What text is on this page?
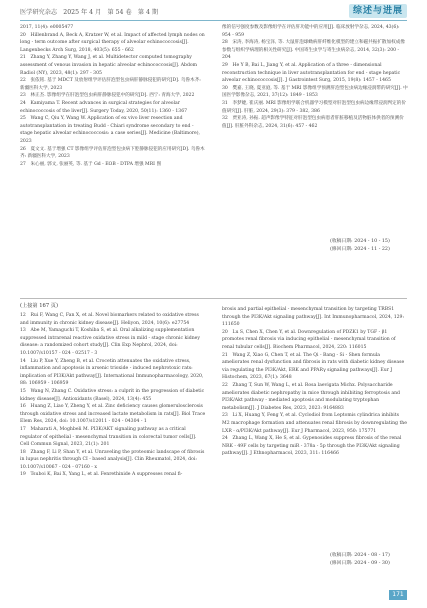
医学研究杂志　2025 年 4 月　第 54 卷　第 4 期	综述与进展

2017, 11(4): e0005477

20　Hillenbrand A, Beck A, Kratzer W, et al. Impact of affected lymph nodes on long - term outcome after surgical therapy of alveolar echinococcosis[J]. Langenbecks Arch Surg, 2018, 403(5): 655 - 662

21　Zhang Y, Zhang Y, Wang J, et al. Multidetector computed tomography assessment of venous invasion in hepatic alveolar echinococcosis[J]. Abdom Radiol (NY), 2023, 48(1): 297 - 305

22　张依铭. 基于 MDCT 及放射组学评估肝泡型包虫病肝静脉侵犯的研究[D]. 乌鲁木齐: 新疆医科大学, 2023

23　林正杰. 影像组学在肝泡型包虫病肝静脉侵犯中的研究[D]. 西宁: 青海大学, 2022

24　Kamiyama T. Recent advances in surgical strategies for alveolar echinococcosis of the liver[J]. Surgery Today, 2020, 50(11): 1360 - 1367

25　Wang C, Qiu Y, Wang W. Application of ex vivo liver resection and autotransplantation in treating Budd - Chiari syndrome secondary to end - stage hepatic alveolar echinococcosis: a case series[J]. Medicine (Baltimore), 2023

26　夏文文. 基于增强 CT 影像组学评估肝泡型包虫病下腔静脉侵犯的应用研究[D]. 乌鲁木齐: 新疆医科大学, 2023

27　朱心丽, 郭文, 张丽英, 等. 基于 Gd - EOB - DTPA 增强 MRI 图

像的信号强度参数及影像组学在评估肝功能中的应用[J]. 临床放射学杂志, 2024, 43(6): 954 - 959

28　宋涛, 李海涛, 杨宝泽, 等. 大鼠肝泡球蚴病肝纤维化模型的建立和磁共振扩散加权成像参数与组织学病理的相关性研究[J]. 中国寄生虫学与寄生虫病杂志, 2014, 32(3): 200 - 204

29　He Y B, Bai L, Jiang Y, et al. Application of a three - dimensional reconstruction technique in liver autotransplantation for end - stage hepatic alveolar echinococcosis[J]. J Gastrointest Surg, 2015, 19(8): 1457 - 1465

30　樊嘉, 王晓, 夏亚庭, 等. 基于 MRI 影像组学预测肝泡型包虫病边缘浸润带的研究[J]. 中国医学影像杂志, 2021, 37(12): 1849 - 1853

31　李梦婕, 崔庆丽. MRI 影像组学联合机器学习模型对肝泡型包虫病边缘带浸润判定的价值研究[J]. 肝脏, 2024, 29(3): 379 - 382, 386

32　贾亚涛, 孙振. 超声影像学特征对肝泡型包虫病患者肝脏移植及活物脏体供者的预测价值[J]. 肝脏外科杂志, 2024, 31(6): 457 - 462

(收稿日期: 2024 - 10 - 15)
(修回日期: 2024 - 11 - 22)
(上接第 167 页)

12　Rui F, Wang C, Fan X, et al. Novel biomarkers related to oxidative stress and immunity in chronic kidney disease[J]. Heliyon, 2024, 10(6): e27754

13　Abe M, Yamaguchi T, Koshiba S, et al. Oral alkalizing supplementation suppressed intrarenal reactive oxidative stress in mild - stage chronic kidney disease: a randomized cohort study[J]. Clin Exp Nephrol, 2024, doi: 10.1007/s10157 - 024 - 02517 - 3

14　Liu P, Xue Y, Zheng B, et al. Crocetin attenuates the oxidative stress, inflammation and apoptosis in arsenic trioxide - induced nephrotoxic rats: implication of PI3K/Akt pathway[J]. International Immunopharmacology, 2020, 88: 106959 - 106959

15　Wang N, Zhang C. Oxidative stress: a culprit in the progression of diabetic kidney disease[J]. Antioxidants (Basel), 2024, 13(4): 455

16　Huang Z, Liao Y, Zheng Y, et al. Zinc deficiency causes glomerulosclerosis through oxidative stress and increased lactate metabolism in rats[J]. Biol Trace Elem Res, 2024, doi: 10.1007/s12011 - 024 - 04304 - 1

17　Maharati A, Moghbeli M. PI3K/AKT signaling pathway as a critical regulator of epithelial - mesenchymal transition in colorectal tumor cells[J]. Cell Commun Signal, 2023, 21(1): 201

18　Zhang F, Li P, Shan Y, et al. Unraveling the proteomic landscape of fibrosis in lupus nephritis through CI - based analysis[J]. Clin Rheumatol, 2024, doi: 10.1007/s10067 - 024 - 07160 - x

19　Tsuboi K, Bai X, Yang L, et al. Fenrethinide A suppresses renal fi-

brosis and partial epithelial - mesenchymal transition by targeting TRBS1 through the PI3K/Akt signaling pathway[J]. Int Immunopharmacol, 2024, 129: 111650

20　Lu S, Chen X, Chen Y, et al. Downregulation of PDZK1 by TGF - β1 promotes renal fibrosis via inducing epithelial - mesenchymal transition of renal tubular cells[J]. Biochem Pharmacol, 2024, 220: 116015

21　Wang Z, Xiao G, Chen T, et al. The Qi - Bang - Si - Shen formula ameliorates renal dysfunction and fibrosis in rats with diabetic kidney disease via regulating the PI3K/Akt, ERK and PPARγ signaling pathways[J]. Eur J Histochem, 2023, 67(1): 3648

22　Zhang T, Sun W, Wang L, et al. Rosa laevigata Michx. Polysaccharide ameliorates diabetic nephropathy in mice through inhibiting ferroptosis and PI3K/Akt pathway - mediated apoptosis and modulating tryptophan metabolism[J]. J Diabetes Res, 2023, 2023: 9164883

23　Li X, Huang Y, Feng Y, et al. Cyclodiol from Leptomis cylindrica inhibits M2 macrophage formation and attenuates renal fibrosis by downregulating the LXR - α/PI3K/Akt pathway[J]. Eur J Pharmacol, 2023, 950: 175771

24　Zhang L, Wang X, He S, et al. Gypenosides suppress fibrosis of the renal NRK - 49F cells by targeting miR - 378a - 5p through the PI3K/Akt signaling pathway[J]. J Ethnopharmacol, 2023, 311: 116466

(收稿日期: 2024 - 08 - 17)
(修回日期: 2024 - 09 - 30)
171
